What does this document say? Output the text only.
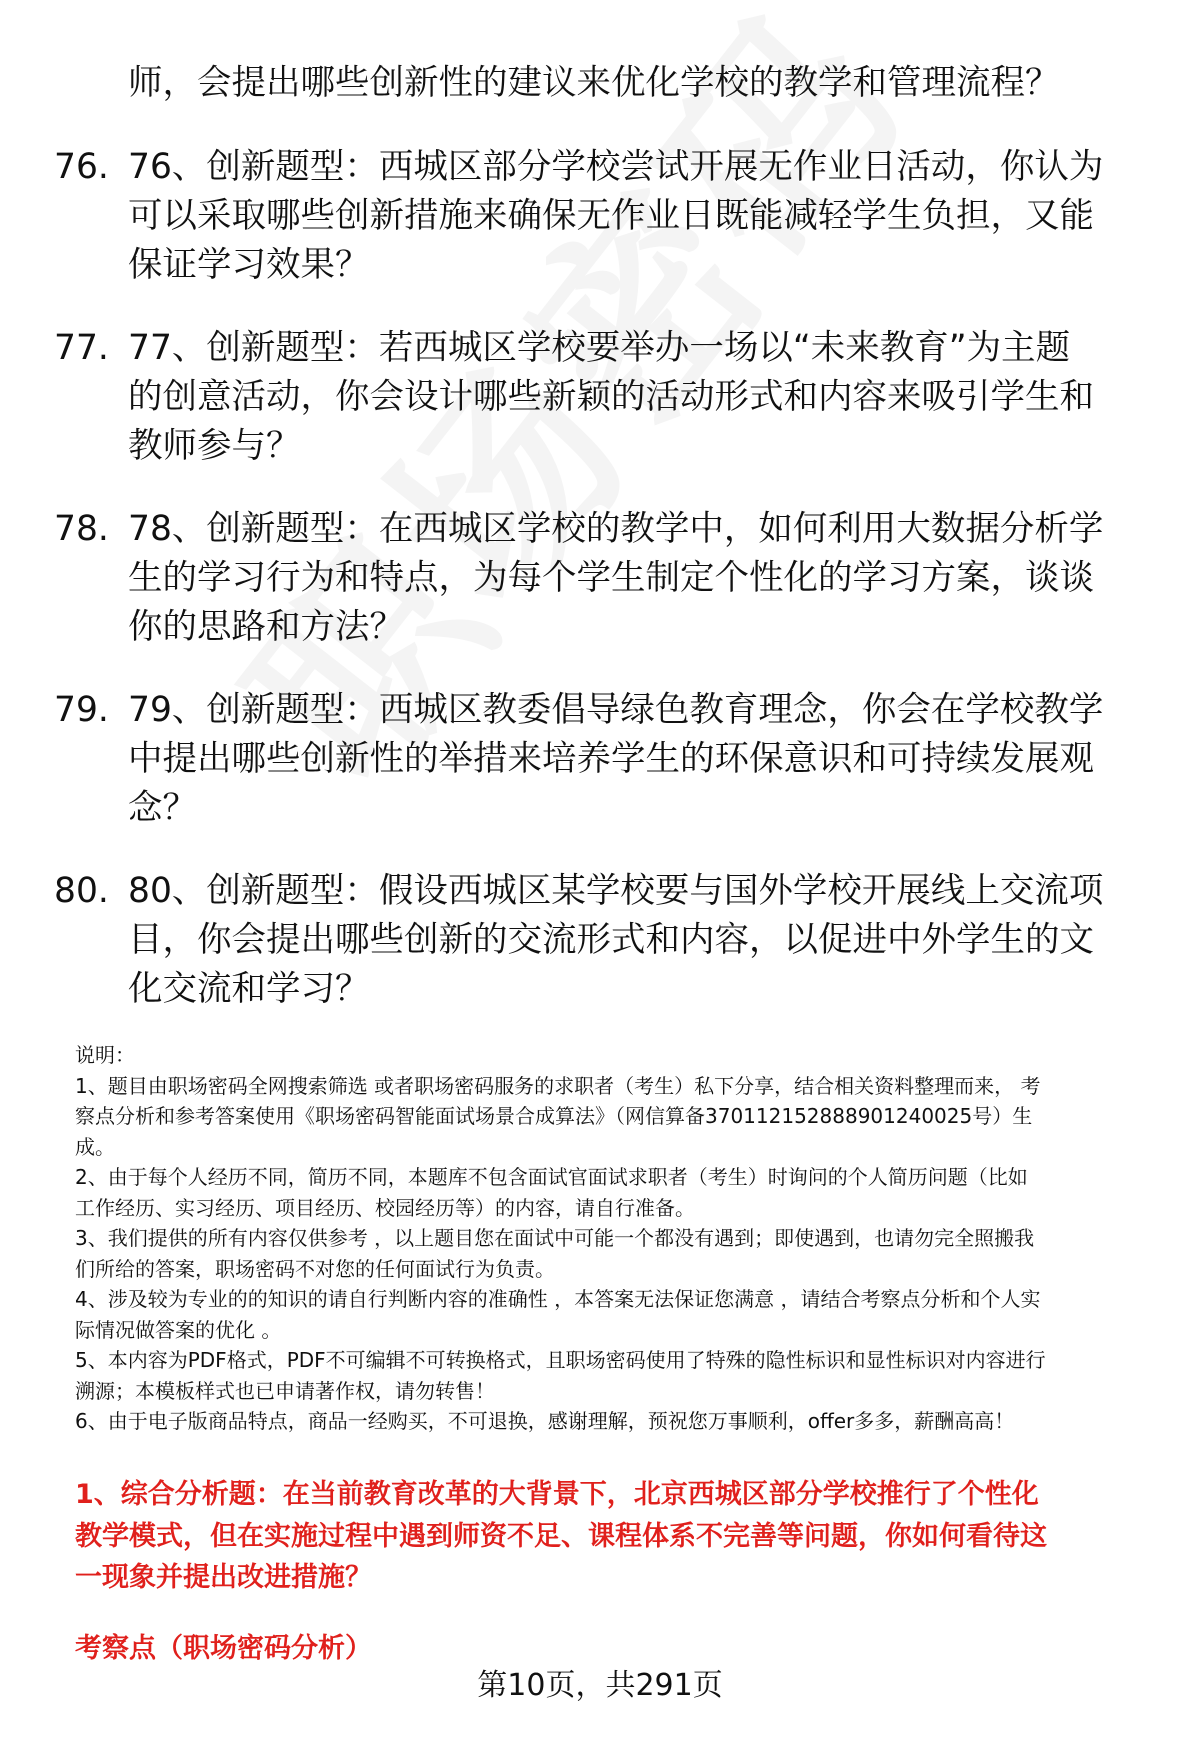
师，会提出哪些创新性的建议来优化学校的教学和管理流程？
76. 76、创新题型：西城区部分学校尝试开展无作业日活动，你认为
可以采取哪些创新措施来确保无作业日既能减轻学生负担，又能
保证学习效果？
77. 77、创新题型：若西城区学校要举办一场以“未来教育”为主题
的创意活动，你会设计哪些新颖的活动形式和内容来吸引学生和
教师参与？
78. 78、创新题型：在西城区学校的教学中，如何利用大数据分析学
生的学习行为和特点，为每个学生制定个性化的学习方案，谈谈
你的思路和方法？
79. 79、创新题型：西城区教委倡导绿色教育理念，你会在学校教学
中提出哪些创新性的举措来培养学生的环保意识和可持续发展观
念？
80. 80、创新题型：假设西城区某学校要与国外学校开展线上交流项
目，你会提出哪些创新的交流形式和内容，以促进中外学生的文
化交流和学习？

说明：

1、题目由职场密码全网搜索筛选 或者职场密码服务的求职者（考生）私下分享，结合相关资料整理而来， 考

察点分析和参考答案使用《职场密码智能面试场景合成算法》（网信算备370112152888901240025号）生

成。

2、由于每个人经历不同，简历不同，本题库不包含面试官面试求职者（考生）时询问的个人简历问题（比如

工作经历、实习经历、项目经历、校园经历等）的内容，请自行准备。

3、我们提供的所有内容仅供参考 ，以上题目您在面试中可能一个都没有遇到；即使遇到，也请勿完全照搬我

们所给的答案，职场密码不对您的任何面试行为负责。

4、涉及较为专业的的知识的请自行判断内容的准确性 ，本答案无法保证您满意 ，请结合考察点分析和个人实

际情况做答案的优化 。

5、本内容为PDF格式，PDF不可编辑不可转换格式，且职场密码使用了特殊的隐性标识和显性标识对内容进行

溯源；本模板样式也已申请著作权，请勿转售！

6、由于电子版商品特点，商品一经购买，不可退换，感谢理解，预祝您万事顺利，offer多多，薪酬高高！

1、综合分析题：在当前教育改革的大背景下，北京西城区部分学校推行了个性化
教学模式，但在实施过程中遇到师资不足、课程体系不完善等问题，你如何看待这
一现象并提出改进措施？
考察点（职场密码分析）
第10页，共291页
